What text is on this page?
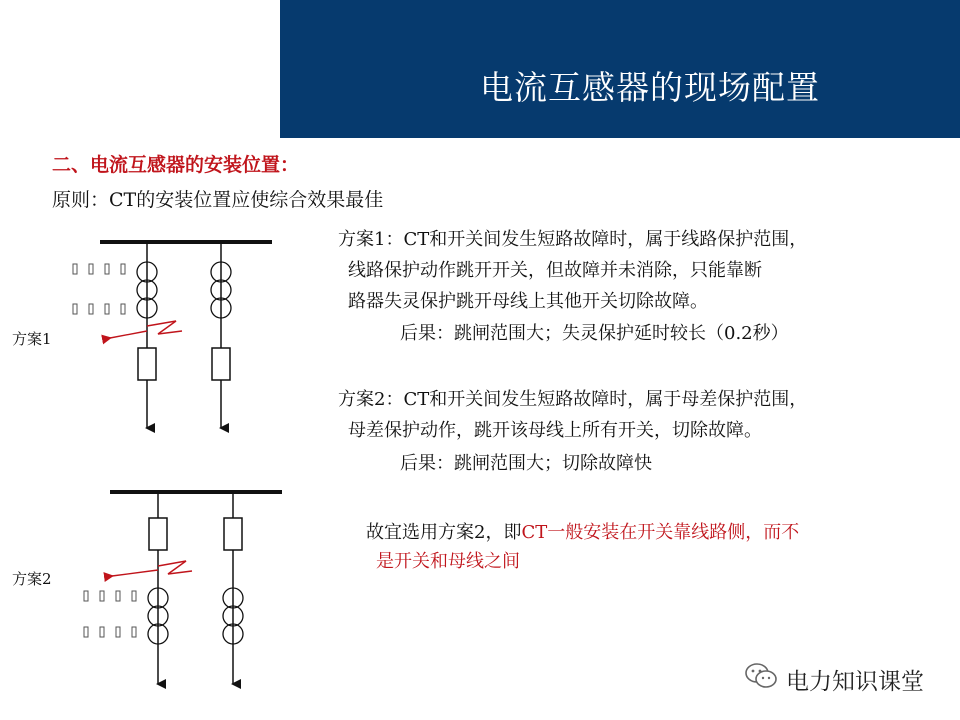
电流互感器的现场配置
二、电流互感器的安装位置：
原则：CT的安装位置应使综合效果最佳
方案1：CT和开关间发生短路故障时，属于线路保护范围，
线路保护动作跳开开关，但故障并未消除，只能靠断
路器失灵保护跳开母线上其他开关切除故障。
后果：跳闸范围大；失灵保护延时较长（0.2秒）
方案2：CT和开关间发生短路故障时，属于母差保护范围，
母差保护动作，跳开该母线上所有开关，切除故障。
后果：跳闸范围大；切除故障快
故宜选用方案2，即CT一般安装在开关靠线路侧，而不
是开关和母线之间
方案1
方案2
电力知识课堂
